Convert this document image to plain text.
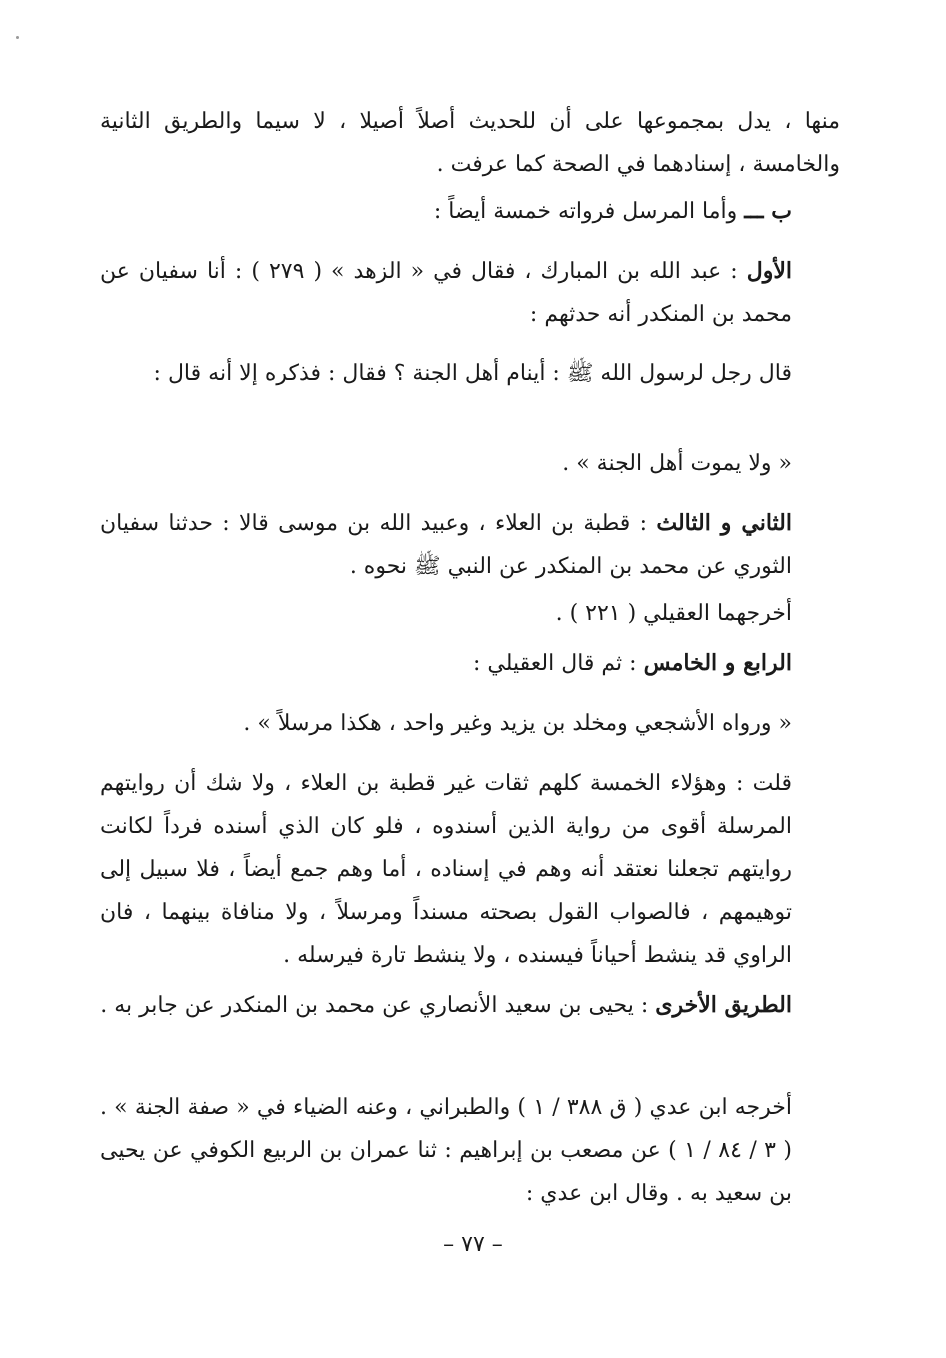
منها ، يدل بمجموعها على أن للحديث أصلاً أصيلا ، لا سيما والطريق الثانية والخامسة ، إسنادهما في الصحة كما عرفت .
ب ـــ وأما المرسل فرواته خمسة أيضاً :
الأول : عبد الله بن المبارك ، فقال في « الزهد » ( ٢٧٩ ) : أنا سفيان عن محمد بن المنكدر أنه حدثهم :
قال رجل لرسول الله ﷺ : أينام أهل الجنة ؟ فقال : فذكره إلا أنه قال :
« ولا يموت أهل الجنة » .
الثاني و الثالث : قطبة بن العلاء ، وعبيد الله بن موسى قالا : حدثنا سفيان الثوري عن محمد بن المنكدر عن النبي ﷺ نحوه .
أخرجهما العقيلي ( ٢٢١ ) .
الرابع و الخامس : ثم قال العقيلي :
« ورواه الأشجعي ومخلد بن يزيد وغير واحد ، هكذا مرسلاً » .
قلت : وهؤلاء الخمسة كلهم ثقات غير قطبة بن العلاء ، ولا شك أن روايتهم المرسلة أقوى من رواية الذين أسندوه ، فلو كان الذي أسنده فرداً لكانت روايتهم تجعلنا نعتقد أنه وهم في إسناده ، أما وهم جمع أيضاً ، فلا سبيل إلى توهيمهم ، فالصواب القول بصحته مسنداً ومرسلاً ، ولا منافاة بينهما ، فان الراوي قد ينشط أحياناً فيسنده ، ولا ينشط تارة فيرسله .
الطريق الأخرى : يحيى بن سعيد الأنصاري عن محمد بن المنكدر عن جابر به .
أخرجه ابن عدي ( ق ٣٨٨ / ١ ) والطبراني ، وعنه الضياء في « صفة الجنة » . ( ٣ / ٨٤ / ١ ) عن مصعب بن إبراهيم : ثنا عمران بن الربيع الكوفي عن يحيى بن سعيد به . وقال ابن عدي :
– ٧٧ –
